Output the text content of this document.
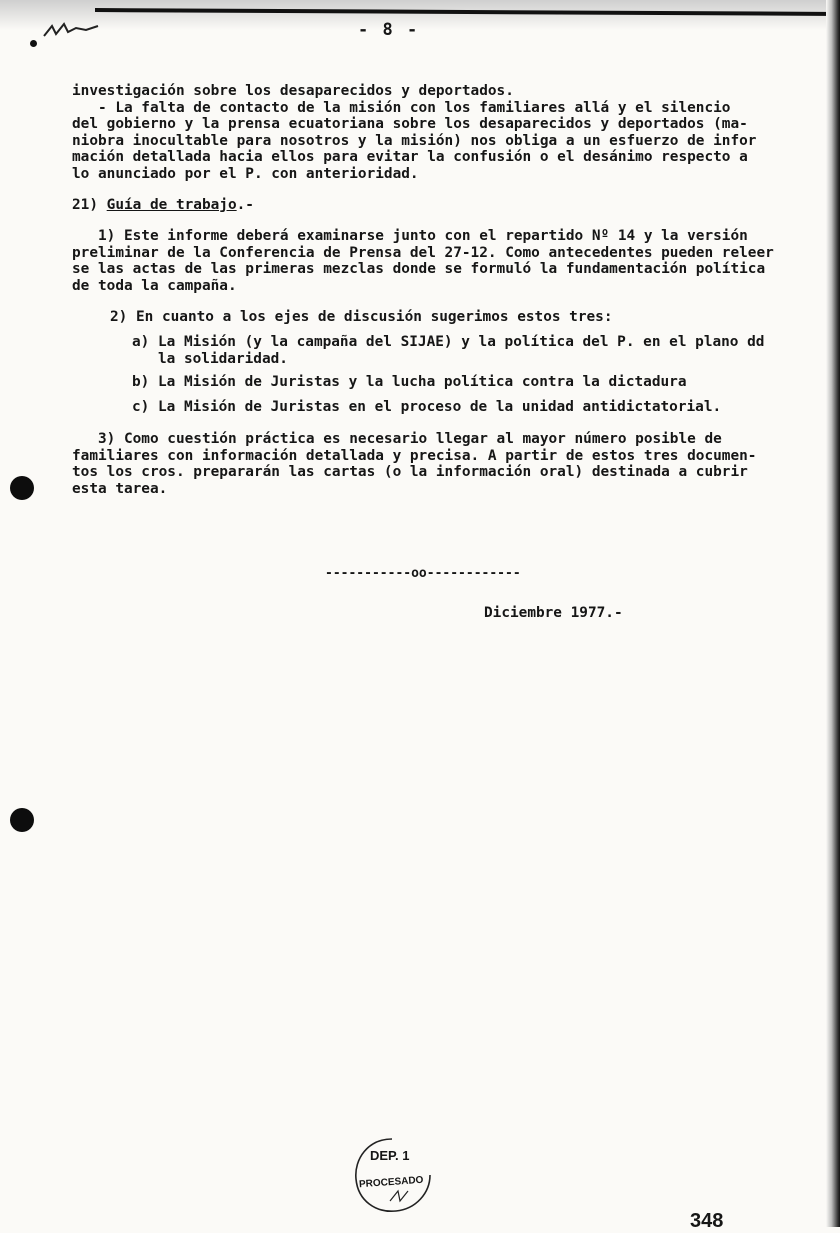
- 8 -
investigación sobre los desaparecidos y deportados.
- La falta de contacto de la misión con los familiares allá y el silencio
del gobierno y la prensa ecuatoriana sobre los desaparecidos y deportados (ma-
niobra inocultable para nosotros y la misión) nos obliga a un esfuerzo de infor
mación detallada hacia ellos para evitar la confusión o el desánimo respecto a
lo anunciado por el P. con anterioridad.
21) Guía de trabajo.-
1) Este informe deberá examinarse junto con el repartido Nº 14 y la versión
preliminar de la Conferencia de Prensa del 27-12. Como antecedentes pueden releer
se las actas de las primeras mezclas donde se formuló la fundamentación política
de toda la campaña.
2) En cuanto a los ejes de discusión sugerimos estos tres:
a) La Misión (y la campaña del SIJAE) y la política del P. en el plano dd
la solidaridad.
b) La Misión de Juristas y la lucha política contra la dictadura
c) La Misión de Juristas en el proceso de la unidad antidictatorial.
3) Como cuestión práctica es necesario llegar al mayor número posible de
familiares con información detallada y precisa. A partir de estos tres documen-
tos los cros. prepararán las cartas (o la información oral) destinada a cubrir
esta tarea.
-----------oo------------
Diciembre 1977.-
DEP. 1
PROCESADO
348
